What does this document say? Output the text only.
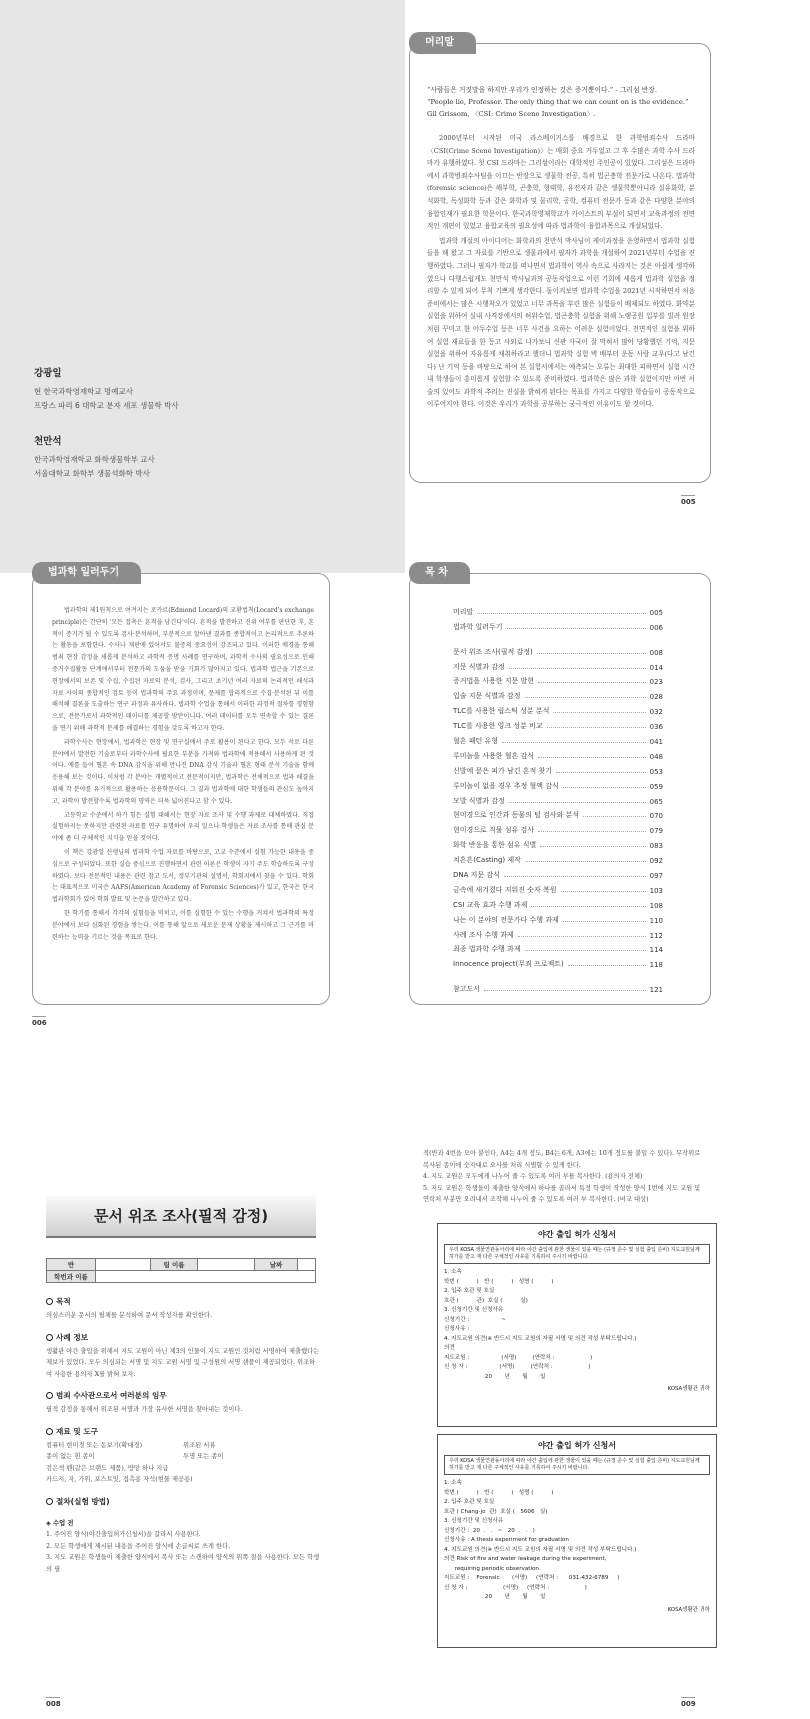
강광일
현 한국과학영재학교 명예교사
프랑스 파리 6 대학교 분자 세포 생물학 박사
천만석
한국과학영재학교 화학생물학부 교사
서울대학교 화학부 생물석화학 박사
머리말
“사람들은 거짓말을 하지만 우리가 인정하는 것은 증거뿐이다.” - 그리섬 반장.
“People lie, Professor. The only thing that we can count on is the evidence.”
Gil Grissom, 〈CSI: Crime Scene Investigation〉.

2000년부터 시작된 미국 라스베이거스를 배경으로 한 과학범죄수사 드라마 〈CSI(Crime Scene Investigation)〉는 매회 중요 거두었고 그 후 수많은 과학 수사 드라마가 유행하였다. 첫 CSI 드라마는 그리섬이라는 대학적인 주인공이 있었다. 그리섬은 드라마에서 과학범죄수사팀을 이끄는 반장으로 생물학 전공, 특히 법곤충학 전문가로 나온다. 법과학(forensic science)은 해부학, 곤충학, 형태학, 유전자과 같은 생물학뿐아니라 실유화학, 분석화학, 독성화학 등과 같은 화학과 및 물리학, 공학, 컴퓨터 전문가 등과 같은 다양한 분야의 융합인재가 필요한 학문이다. 한국과학영재학교가 카이스트의 부설이 되면서 교육과정의 전면적인 개편이 있었고 융합교육의 필요성에 따라 법과학이 융합과목으로 개설되었다.

법과학 개설의 아이디어는 화학과의 천만석 박사님이 케이과정을 운영하면서 법과학 실험들을 해 왔고 그 자료를 기반으로 생물과에서 필자가 과학을 개설하여 2021년부터 수업을 진행하였다. 그러나 필자가 학교를 떠나면서 법과학이 역사 속으로 사라지는 것은 아쉽게 생각하였으나 다행스럽게도 천만석 박사님과의 공동작업으로 이런 기회에 새롭게 법과학 실험을 정리할 수 있게 되어 무척 기쁘게 생각한다. 돌이켜보면 법과학 수업을 2021년 시작하면서 처음 준비에서는 많은 시행착오가 있었고 너무 과목을 부린 많은 실험들이 배제되도 하였다. 화약분 실험을 위하여 실내 사격장에서의 허위수업, 법곤충학 실험을 위해 노랭공원 입부를 빌려 원장처럼 꾸미고 한 어두수업 등은 너무 사건을 요하는 어려운 실험이었다. 전면적인 실험을 위하여 실험 재료들을 한 등고 사외로 나가보니 신관 사국이 잘 먹혀서 많아 당황했던 기억, 지문 실험을 위하여 자유롭게 채취하라고 했더니 법과학 실험 벽 배부터 운동 사람 교우(다고 남긴다) 난 기억 등을 바탕으로 하여 본 실험서에서는 예측되는 오류는 최대한 피하면서 실험 시간 내 학생들이 흥미롭게 실험할 수 있도록 준비하였다. 법과학은 많은 과학 실험이지만 이번 서술의 있어도 과학적 추리는 진실을 밝혀게 된다는 목표를 가지고 다양한 학습들이 공동적으로 이루어지야 한다. 이것은 우리가 과학을 공부하는 궁극적인 이유이도 할 것이다.

005
법과학 일러두기

법과학의 제1원칙으로 여겨지는 로카르(Edmond Locard)의 교환법칙(Locard's exchange principle)은 간단히 '모든 접촉은 흔적을 남긴다'이다. 흔적을 발견하고 진위 여부를 판단한 후, 흔적이 증거가 될 수 있도록 검사·분석하며, 부분적으로 알아낸 결과를 종합적이고 논리적으로 추론하는 활동을 포함한다. 수사나 재판에 있어서도 물증의 중요성이 강조되고 있다. 이러한 배경을 통해 범죄 현장 감정을 새롭게 분석하고 과학적 증명 사례를 연구하며, 과학적 수사의 필요성으로 인해 증거수집활동 단계에서부터 전문가의 도움을 받을 기회가 많아지고 있다. 법과학 법근을 기본으로 현장에서의 보존 및 수집, 수집된 자료의 분석, 검사, 그리고 초기년 여러 자료의 논리적인 해석과 자료 사이의 종합적인 검토 등이 법과학의 주요 과정이며, 문제를 합리적으로 수집·분석된 뒤 이를 해석해 결론을 도출하는 연구 과정과 유사하다. 법과학 수업을 통해서 이러한 과정적 절차를 경험함으로, 전문가로서 과학적인 데이터를 제공할 방안이니다. 여러 데이터를 모두 연속할 수 있는 결론을 연기 위해 과학적 문제를 해결하는 경험을 갖도록 하고자 한다.

과학수사는 현장에서, 법과학은 현장 및 연구실에서 주로 활용이 된다고 한다. 모두 서로 다른 분야에서 발전한 기술로부터 과학수사에 필요한 부분을 가져와 법과학에 적용해서 사용하게 된 것이다. 예를 들어 혈흔 속 DNA 감식을 위해 만나진 DNA 감식 기술과 혈흔 형태 분석 기술을 함께 응용해 보는 것이다. 이처럼 각 분야는 개별적이고 전문적이지만, 법과학은 전체적으로 법과 해결을 위해 각 분야를 유기적으로 활용하는 응용학문이다. 그 결과 법과학에 대한 학생들의 관심도 높아지고, 과학이 발전할수록 법과학의 영역은 더욱 넓어진다고 할 수 있다.

고등학교 수준에서 하기 힘든 실험 대해서는 현장 자료 조사 및 수행 과제로 대체하였다. 직접 실험하지는 못하지만 관련된 자료를 연구 유명하여 우리 일으나 학생들은 자료 조사를 통해 관심 분야에 좀 더 구체적인 지식을 얻을 것이다.

이 책은 강광일 선생님의 법과학 수업 자료를 바탕으로, 고교 수준에서 실험 가능한 내용을 중심으로 구성되었다. 또한 실습 중심으로 진행하면서 관련 이론은 학생이 자기 주도 학습하도록 구성하였다. 보다 전문적인 내용은 관련 참고 도서, 정부기관의 설명서, 학회지에서 찾을 수 있다. 학회는 대표적으로 미국은 AAFS(American Academy of Forensic Sciences)가 있고, 한국은 한국법과학회가 있어 학회 발표 및 논문을 발간하고 있다.

한 학기를 통해서 각각의 실험들을 익히고, 이를 실험한 수 있는 수행을 거쳐서 법과학의 특정 분야에서 보다 심화된 경험을 쌓는다. 이를 통해 앞으로 새로운 문제 상황을 제시하고 그 근거를 마련하는 능력을 기르는 것을 목표로 한다.

006
목 차
머리말	005
법과학 일러두기	006
문서 위조 조사(필적 감정)	008
지문 식별과 감정	014
증거법을 사용한 지문 발현	023
입술 지문 식별과 감정	028
TLC를 사용한 립스틱 성분 분석	032
TLC를 사용한 잉크 성분 비교	036
혈흔 패턴 유형	041
루미놀을 사용한 혈흔 감식	048
신발에 묻은 피가 남긴 흔적 찾기	053
루미놀이 없을 경우 추정 혈액 감식	059
모발 식별과 감정	065
현미경으로 인간과 동물의 털 검사와 분석	070
현미경으로 직물 섬유 검사	079
화학 반응을 통한 섬유 식별	083
치흔흔(Casting) 제작	092
DNA 지문 감식	097
금속에 새겨졌다 지워진 숫자 복원	103
CSI 교육 효과 수행 과제	108
나는 이 분야의 전문가다 수행 과제	110
사례 조사 수행 과제	112
최종 법과학 수행 과제	114
Innocence project(무죄 프로젝트)	118
참고도서	121
문서 위조 조사(필적 감정)
반		팀 이름		날짜	
학번과 이름					
목적
의심스러운 문서의 필체를 분석하여 문서 작성자를 확인한다.
사례 정보
생활관 야간 출입을 위해서 지도 교원이 아닌 제3의 인물이 지도 교원인 것처럼 서명하여 제출했다는 제보가 있었다. 모두 의심되는 서명 및 지도 교원 서명 및 구성원의 서명 샘플이 제공되었다. 위조하여 사용한 용의자 X를 밝혀 보자.
범죄 수사관으로서 여러분의 임무
필적 감정을 통해서 위조된 서명과 가장 유사한 서명을 찾아내는 것이다.
재료 및 도구
컴퓨터 현미경 또는 돋보기(확대경)	위조된 서류
종이 없는 흰 종이	투명 또는 종이
검은색 펜(같은 브랜드 제품), 방망 하나 지급
카드지, 자, 가위, 포스트잇, 접촉용 자석(현물 제공용)
절차(실험 방법)
◈ 수업 전
1. 주어진 양식(야간출입허가신청서)을 갈라서 사용한다.
2. 모든 학생에게 제시된 내용을 주어진 양식에 손글씨로 쓰게 한다.
3. 지도 교원은 학생들이 제출한 양식에서 복사 또는 스캔하여 양식의 위쪽 절을 사용한다. 모든 학생의 필
008
적(반과 4번을 모아 붙인다, A4는 4개 정도, B4는 6개, A3에는 10개 정도를 붙일 수 있다). 무작위로
복사된 종이에 숫자대로 오사를 처리 식별할 수 있게 한다.
4. 지도 교원은 모두에게 나누어 줄 수 있도록 여러 부를 복사한다. (용의자 전체)
5. 지도 교원은 학생들이 제출한 양식에서 하나를 골라서 특정 학생이 작성한 양식 1번에 지도 교원 및
연락처 부분만 오려내서 조작해 나누어 줄 수 있도록 여러 부 복사한다. (비교 대상)
야간 출입 허가 신청서
우리 KOSA 생물연관동아리에 따라 야간 출입에 관한 생물이 있을 때는 (규정 준수 및 실험 출입 준비) 지도교원님께 허가를 받고 재 다른 구체적인 사유를 기록하여 주시기 바랍니다.
1. 소속
학번 (          )   반 (          )   성명 (          )
2. 입주 호관 및 호실
호관 (          관)  호실 (          실)
3. 신청기간 및 신청사유
신청기간 :                  ~
신청사유 :
4. 지도교원 의견(※ 반드시 지도 교원의 자필 서명 및 의견 작성 부탁드립니다.)
의견
지도교원 :                  (서명)         (연락처 :                    )
신 청 자 :                  (서명)         (연락처 :                    )
20       년       월       일
KOSA생활관 귀하
야간 출입 허가 신청서
우리 KOSA 생물연관동아리에 따라 야간 출입에 관한 생물이 있을 때는 (규정 준수 및 실험 출입 준비) 지도교원님께 허가를 받고 재 다른 구체적인 사유를 기록하여 주시기 바랍니다.
1. 소속
학번 (          )   반 (          )   성명 (          )
2. 입주 호관 및 호실
호관 ( Chang-jo  관)  호실 (   5606   실)
3. 신청기간 및 신청사유
신청기간 :  20  .   .   ~   20  .   .   )
신청사유 : A thesis experiment for graduation
4. 지도교원 의견(※ 반드시 지도 교원의 자필 서명 및 의견 작성 부탁드립니다.)
의견 Risk of fire and water leakage during the experiment,
requiring periodic observation.
지도교원 :    Forensic       (서명)     (연락처 :      031-432-6789     )
신 청 자 :                    (서명)     (연락처 :                    )
20       년       월       일
KOSA생활관 귀하
009
